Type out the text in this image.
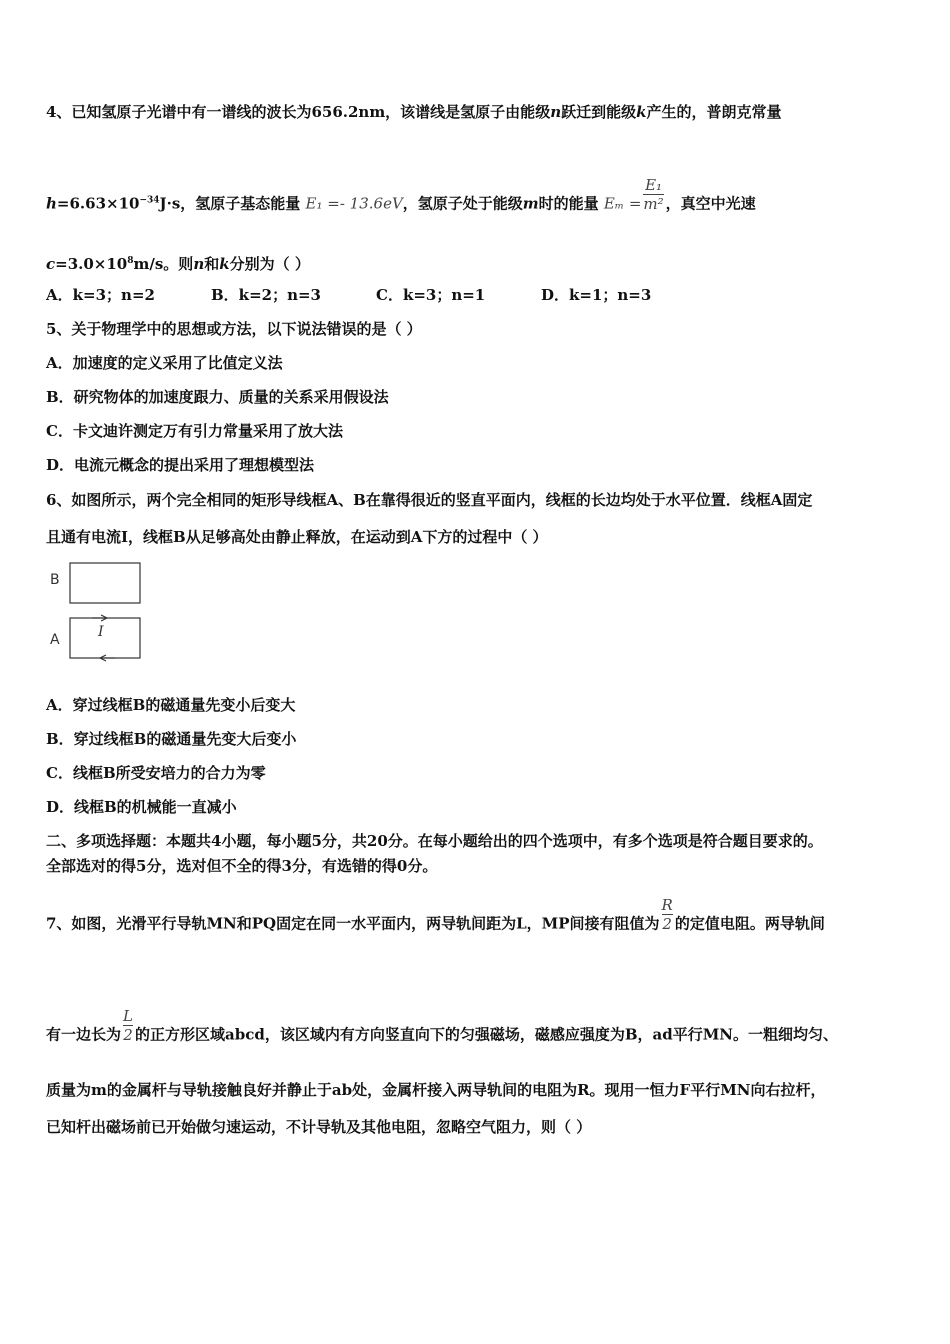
4、已知氢原子光谱中有一谱线的波长为656.2nm，该谱线是氢原子由能级n跃迁到能级k产生的，普朗克常量
$h=6.63\times 10^{-34}J\cdot s$，氢原子基态能量 E₁ =- 13.6eV，氢原子处于能级m时的能量 $E_m = \frac{\text{E₁}}{\text{m²}}$ ，真空中光速
$c=3.0\times 10^8m/s$。则n和k分别为（ ）
A．k=3；n=2	B．k=2；n=3	C．k=3；n=1	D．k=1；n=3
5、关于物理学中的思想或方法，以下说法错误的是（ ）
A．加速度的定义采用了比值定义法
B．研究物体的加速度跟力、质量的关系采用假设法
C．卡文迪许测定万有引力常量采用了放大法
D．电流元概念的提出采用了理想模型法
6、如图所示，两个完全相同的矩形导线框A、B在靠得很近的竖直平面内，线框的长边均处于水平位置．线框A固定
且通有电流I，线框B从足够高处由静止释放，在运动到A下方的过程中（ ）
B
A	I
A．穿过线框B的磁通量先变小后变大
B．穿过线框B的磁通量先变大后变小
C．线框B所受安培力的合力为零
D．线框B的机械能一直减小
二、多项选择题：本题共4小题，每小题5分，共20分。在每小题给出的四个选项中，有多个选项是符合题目要求的。
全部选对的得5分，选对但不全的得3分，有选错的得0分。
7、如图，光滑平行导轨MN和PQ固定在同一水平面内，两导轨间距为L，MP间接有阻值为 $\frac{R}{2}$ 的定值电阻。两导轨间
有一边长为 $\frac{L}{2}$ 的正方形区域abcd，该区域内有方向竖直向下的匀强磁场，磁感应强度为B，ad平行MN。一粗细均匀、
质量为m的金属杆与导轨接触良好并静止于ab处，金属杆接入两导轨间的电阻为R。现用一恒力F平行MN向右拉杆，
已知杆出磁场前已开始做匀速运动，不计导轨及其他电阻，忽略空气阻力，则（ ）
